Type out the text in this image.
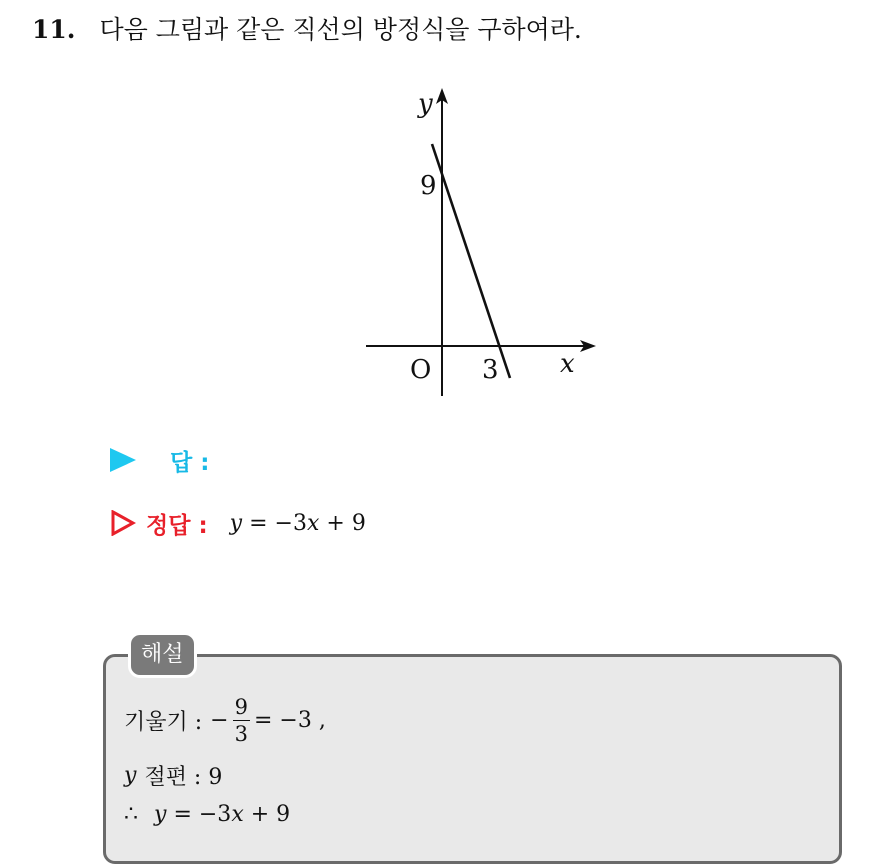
11. 다음 그림과 같은 직선의 방정식을 구하여라.
y
x
O
9
3
답 :
정답 : y = −3x + 9
해설
기울기 : − $\frac{9}{3} = -3$ ,
y 절편 : 9
∴ y
=
−3 x
+ 9
